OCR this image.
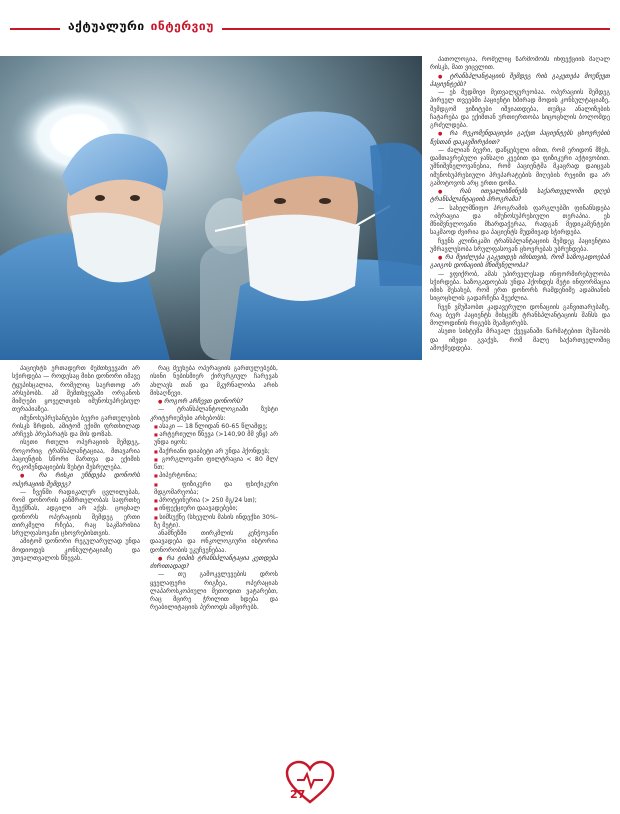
აქტუალური ინტერვიუ

პაციენტს ერთადერთ შემთხვევაში არ სჭირდება — როდესაც მისი დონორი იმავე ტყუპისცალია, რომელიც საერთოდ არ არსებობს. ამ შემთხვევაში ორგანოს მიმღები ყოველთვის იმუნოსუპრესიულ თერაპიაზეა.

იმუნოსუპრესანტები ბევრი გართულების რისკს ზრდის, ამიტომ ექიმი ფრთხილად არჩევს პრეპარატს და მის დოზას.

ისეთი რთული ოპერაციის შემდეგ, როგორიც ტრანსპლანტაციაა, მთავარია პაციენტის სწორი მართვა და ექიმის რეკომენდაციების ზუსტი შესრულება.

● რა რისკი უჩნდება დონორს ოპერაციის შემდეგ?

— ჩვენში რადიკალურ ცვლილებას, რომ დონორის ჯანმრთელობას საფრთხე შეექმნას, ადგილი არ აქვს. ცოცხალ დონორს ოპერაციის შემდეგ ერთი თირკმელი რჩება, რაც საკმარისია სრულფასოვანი ცხოვრებისთვის.

ამიტომ დონორი რეგულარულად უნდა მოდიოდეს კონსულტაციაზე და უთვალთვალოს წნევას.

რაც შეეხება ოპერაციის გართულებებს, ისინი ნებისმიერ ქირურგიულ ჩარევას ახლავს თან და მკურნალობა არის მისაღწევი.

● როგორ არჩევთ დონორს?

— ტრანსპლანტოლოგიაში ზუსტი კრიტერიუმები არსებობს:

■ ასაკი — 18 წლიდან 60-65 წლამდე;

■ არტერიული წნევა (>140,90 მმ ვწყ) არ უნდა იყოს;

■ შაქრიანი დიაბეტი არ უნდა ჰქონდეს;

■ გორგლოვანი ფილტრაცია < 80 მლ/წთ;

■ ჰიპერტონია;

■ ფიზიკური და ფსიქიკური მდგომარეობა;

■ პროტეინურია (> 250 მგ/24 სთ);

■ ინფექციური დაავადებები;

■ სიმსუქნე (სხეულის მასის ინდექსი 30%-ზე მეტი).

ანამნეზში თირკმლის კენჭოვანი დაავადება და ონკოლოგიური ისტორია დონორობის უკუჩვენებაა.

● რა ტიპის ტრანსპლანტაცია კეთდება ძირითადად?

— თუ გამოკვლევების დროს ყველაფერი რიგზეა, ოპერაციას ლაპაროსკოპიული მეთოდით ვატარებთ, რაც მცირე ჭრილით ხდება და რეაბილიტაციის პერიოდს ამცირებს.

პათოლოგია, რომელიც წარმოშობს ინფექციის მაღალ რისკს, მათ ვიცვლით.

● ტრანსპლანტაციის შემდეგ რის გაკეთება მოუწევთ პაციენტებს?

— ეს მუდმივი მეთვალყურეობაა. ოპერაციის შემდეგ პირველ თვეებში პაციენტი ხშირად მოდის კონსულტაციაზე, შემდგომ ვიზიტები იშვიათდება, თუმცა ანალიზების ჩატარება და ექიმთან ურთიერთობა სიცოცხლის ბოლომდე გრძელდება.

● რა რეკომენდაციები გაქვთ პაციენტებს ცხოვრების წესთან დაკავშირებით?

— ძალიან ბევრი, დაწყებული იმით, რომ ერიდონ მზეს, დამთავრებული ჯანსაღი კვებით და ფიზიკური აქტივობით. უმნიშვნელოვანესია, რომ პაციენტმა მკაცრად დაიცვას იმუნოსუპრესიული პრეპარატების მიღების რეჟიმი და არ გამოტოვოს არც ერთი დოზა.

● რას ითვალისწინებს საქართველოში დღეს ტრანსპლანტაციის პროგრამა?

— სახელმწიფო პროგრამის ფარგლებში ფინანსდება ოპერაცია და იმუნოსუპრესიული თერაპია. ეს მნიშვნელოვანი მხარდაჭერაა, რადგან მედიკამენტები საკმაოდ ძვირია და პაციენტს მუდმივად სჭირდება.

ჩვენს კლინიკაში ტრანსპლანტაციის შემდეგ პაციენტთა უმრავლესობა სრულფასოვან ცხოვრებას უბრუნდება.

● რა შეიძლება გაკეთდეს იმისთვის, რომ საზოგადოებამ გაიგოს დონაციის მნიშვნელობა?

— ვფიქრობ, ამას უპირველესად ინფორმირებულობა სჭირდება. საზოგადოებას უნდა ჰქონდეს მეტი ინფორმაცია იმის შესახებ, რომ ერთ დონორს რამდენიმე ადამიანის სიცოცხლის გადარჩენა შეუძლია.

ჩვენ ვმუშაობთ კადავერული დონაციის განვითარებაზე, რაც ბევრ პაციენტს მისცემს ტრანსპლანტაციის შანსს და მოლოდინის რიგებს შეამცირებს.

ასეთი სისტემა მრავალ ქვეყანაში წარმატებით მუშაობს და იმედი გვაქვს, რომ მალე საქართველოშიც ამოქმედდება.

27
